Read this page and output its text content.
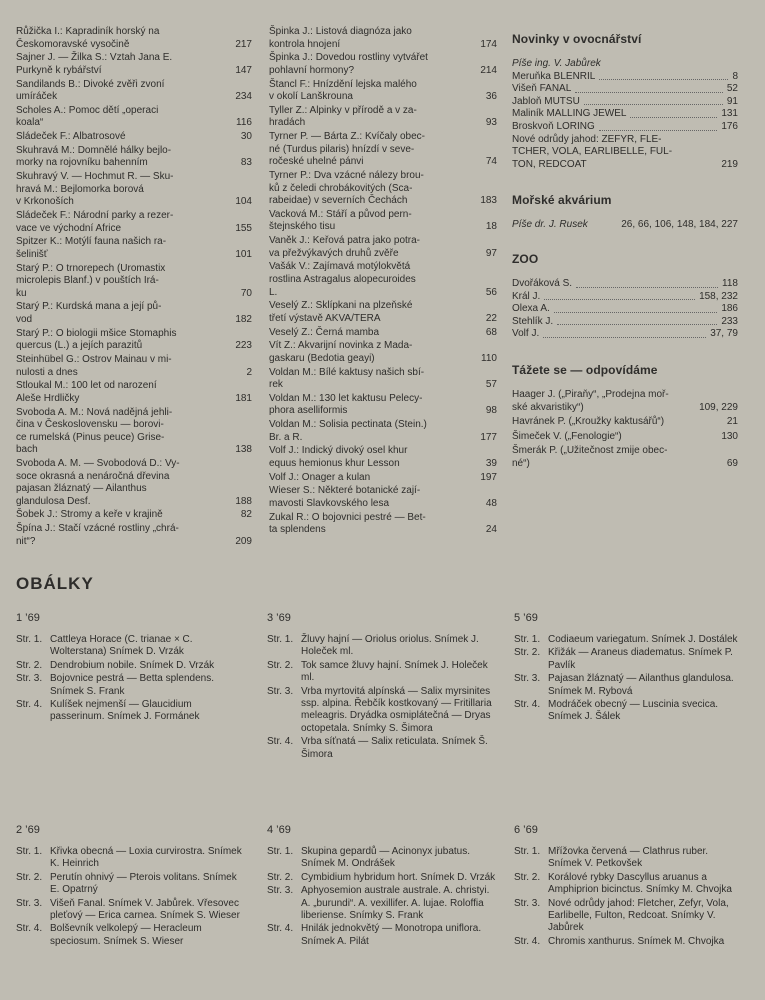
Růžička I.: Kapradiník horský na
Českomoravské vysočině	217
Sajner J. — Žilka S.: Vztah Jana E.
Purkyně k rybářství	147
Sandilands B.: Divoké zvěři zvoní
umíráček	234
Scholes A.: Pomoc dětí „operaci
koala“	116
Sládeček F.: Albatrosové	30
Skuhravá M.: Domnělé hálky bejlo-
morky na rojovníku bahenním	83
Skuhravý V. — Hochmut R. — Sku-
hravá M.: Bejlomorka borová
v Krkonoších	104
Sládeček F.: Národní parky a rezer-
vace ve východní Africe	155
Spitzer K.: Motýlí fauna našich ra-
šelinišť	101
Starý P.: O trnorepech (Uromastix
microlepis Blanf.) v pouštích Irá-
ku	70
Starý P.: Kurdská mana a její pů-
vod	182
Starý P.: O biologii mšice Stomaphis
quercus (L.) a jejích parazitů	223
Steinhübel G.: Ostrov Mainau v mi-
nulosti a dnes	2
Stloukal M.: 100 let od narození
Aleše Hrdličky	181
Svoboda A. M.: Nová nadějná jehli-
čina v Československu — borovi-
ce rumelská (Pinus peuce) Grise-
bach	138
Svoboda A. M. — Svobodová D.: Vy-
soce okrasná a nenáročná dřevina
pajasan žláznatý — Ailanthus
glandulosa Desf.	188
Šobek J.: Stromy a keře v krajině	82
Špína J.: Stačí vzácné rostliny „chrá-
nit“?	209
Špinka J.: Listová diagnóza jako
kontrola hnojení	174
Špinka J.: Dovedou rostliny vytvářet
pohlavní hormony?	214
Štancl F.: Hnízdění lejska malého
v okolí Lanškrouna	36
Tyller Z.: Alpinky v přírodě a v za-
hradách	93
Tyrner P. — Bárta Z.: Kvíčaly obec-
né (Turdus pilaris) hnízdí v seve-
ročeské uhelné pánvi	74
Tyrner P.: Dva vzácné nálezy brou-
ků z čeledi chrobákovitých (Sca-
rabeidae) v severních Čechách	183
Vacková M.: Stáří a původ pern-
štejnského tisu	18
Vaněk J.: Keřová patra jako potra-
va přežvýkavých druhů zvěře	97
Vašák V.: Zajímavá motýlokvětá
rostlina Astragalus alopecuroides
L.	56
Veselý Z.: Sklípkani na plzeňské
třetí výstavě AKVA/TERA	22
Veselý Z.: Černá mamba	68
Vít Z.: Akvarijní novinka z Mada-
gaskaru (Bedotia geayi)	110
Voldan M.: Bílé kaktusy našich sbí-
rek	57
Voldan M.: 130 let kaktusu Pelecy-
phora aselliformis	98
Voldan M.: Solisia pectinata (Stein.)
Br. a R.	177
Volf J.: Indický divoký osel khur
equus hemionus khur Lesson	39
Volf J.: Onager a kulan	197
Wieser S.: Některé botanické zají-
mavosti Slavkovského lesa	48
Zukal R.: O bojovnici pestré — Bet-
ta splendens	24
Novinky v ovocnářství
Píše ing. V. Jabůrek
Meruňka BLENRIL	8
Višeň FANAL	52
Jabloň MUTSU	91
Maliník MALLING JEWEL	131
Broskvoň LORING	176
Nové odrůdy jahod: ZEFYR, FLE-
TCHER, VOLA, EARLIBELLE, FUL-
TON, REDCOAT	219
Mořské akvárium
Píše dr. J. Rusek	26, 66, 106, 148, 184, 227
ZOO
Dvořáková S.	118
Král J.	158, 232
Olexa A.	186
Stehlík J.	233
Volf J.	37, 79
Tážete se — odpovídáme
Haager J. („Piraňy“, „Prodejna moř-
ské akvaristiky“)	109, 229
Havránek P. („Kroužky kaktusářů“)	21
Šimeček V. („Fenologie“)	130
Šmerák P. („Užitečnost zmije obec-
né“)	69
OBÁLKY
1 ’69
Str. 1. Cattleya Horace (C. trianae × C. Wolterstana) Snímek D. Vrzák
Str. 2. Dendrobium nobile. Snímek D. Vrzák
Str. 3. Bojovnice pestrá — Betta splendens. Snímek S. Frank
Str. 4. Kulíšek nejmenší — Glaucidium passerinum. Snímek J. Formánek
3 ’69
Str. 1. Žluvy hajní — Oriolus oriolus. Snímek J. Holeček ml.
Str. 2. Tok samce žluvy hajní. Snímek J. Holeček ml.
Str. 3. Vrba myrtovitá alpínská — Salix myrsinites ssp. alpina. Řebčík kostkovaný — Fritillaria meleagris. Dryádka osmiplátečná — Dryas octopetala. Snímky S. Šimora
Str. 4. Vrba síťnatá — Salix reticulata. Snímek Š. Šimora
5 ’69
Str. 1. Codiaeum variegatum. Snímek J. Dostálek
Str. 2. Křižák — Araneus diadematus. Snímek P. Pavlík
Str. 3. Pajasan žláznatý — Ailanthus glandulosa. Snímek M. Rybová
Str. 4. Modráček obecný — Luscinia svecica. Snímek J. Šálek
2 ’69
Str. 1. Křivka obecná — Loxia curvirostra. Snímek K. Heinrich
Str. 2. Perutín ohnivý — Pterois volitans. Snímek E. Opatrný
Str. 3. Višeň Fanal. Snímek V. Jabůrek. Vřesovec pleťový — Erica carnea. Snímek S. Wieser
Str. 4. Bolševník velkolepý — Heracleum speciosum. Snímek S. Wieser
4 ’69
Str. 1. Skupina gepardů — Acinonyx jubatus. Snímek M. Ondrášek
Str. 2. Cymbidium hybridum hort. Snímek D. Vrzák
Str. 3. Aphyosemion australe australe. A. christyi. A. „burundi“. A. vexillifer. A. lujae. Roloffia liberiense. Snímky S. Frank
Str. 4. Hnilák jednokvětý — Monotropa uniflora. Snímek A. Pilát
6 ’69
Str. 1. Mřížovka červená — Clathrus ruber. Snímek V. Petkovšek
Str. 2. Korálové rybky Dascyllus aruanus a Amphiprion bicinctus. Snímky M. Chvojka
Str. 3. Nové odrůdy jahod: Fletcher, Zefyr, Vola, Earlibelle, Fulton, Redcoat. Snímky V. Jabůrek
Str. 4. Chromis xanthurus. Snímek M. Chvojka
